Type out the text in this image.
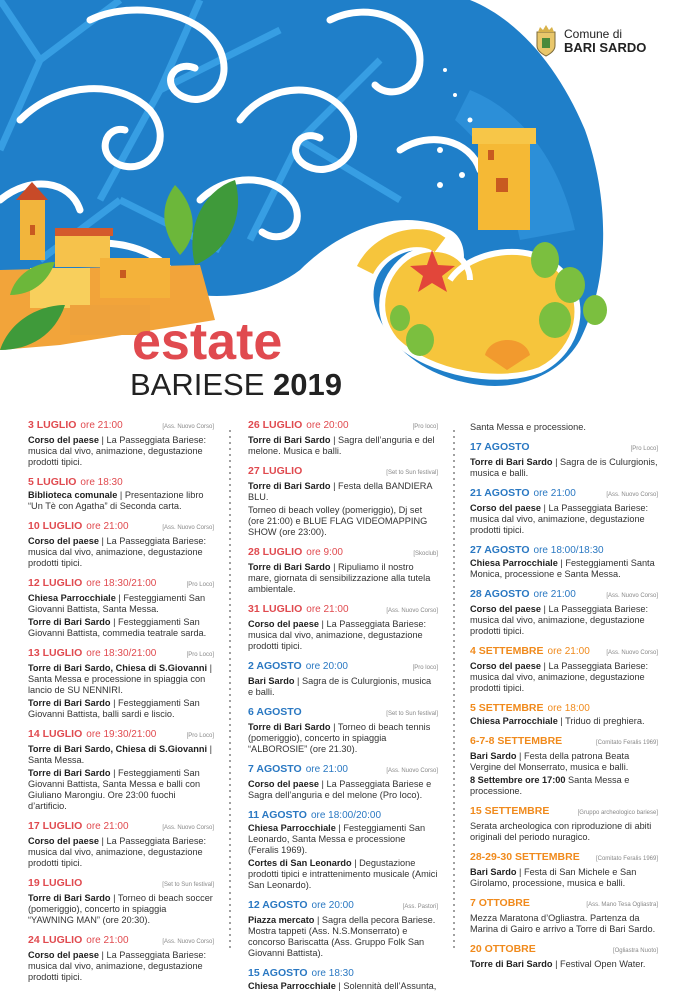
Comune di
BARI SARDO
estate
BARIESE 2019
3 LUGLIO ore 21:00	[Ass. Nuovo Corso]

Corso del paese | La Passeggiata Bariese: musica dal vivo, animazione, degustazione prodotti tipici.

5 LUGLIO ore 18:30

Biblioteca comunale | Presentazione libro “Un Tè con Agatha” di Seconda carta.

10 LUGLIO ore 21:00	[Ass. Nuovo Corso]

Corso del paese | La Passeggiata Bariese: musica dal vivo, animazione, degustazione prodotti tipici.

12 LUGLIO ore 18:30/21:00	[Pro Loco]

Chiesa Parrocchiale | Festeggiamenti San Giovanni Battista, Santa Messa.

Torre di Bari Sardo | Festeggiamenti San Giovanni Battista, commedia teatrale sarda.

13 LUGLIO ore 18:30/21:00	[Pro Loco]

Torre di Bari Sardo, Chiesa di S.Giovanni | Santa Messa e processione in spiaggia con lancio de SU NENNIRI.

Torre di Bari Sardo | Festeggiamenti San Giovanni Battista, balli sardi e liscio.

14 LUGLIO ore 19:30/21:00	[Pro Loco]

Torre di Bari Sardo, Chiesa di S.Giovanni | Santa Messa.

Torre di Bari Sardo | Festeggiamenti San Giovanni Battista, Santa Messa e balli con Giuliano Marongiu. Ore 23:00 fuochi d’artificio.

17 LUGLIO ore 21:00	[Ass. Nuovo Corso]

Corso del paese | La Passeggiata Bariese: musica dal vivo, animazione, degustazione prodotti tipici.

19 LUGLIO	[Set to Sun festival]

Torre di Bari Sardo | Torneo di beach soccer (pomeriggio), concerto in spiaggia “YAWNING MAN” (ore 20:30).

24 LUGLIO ore 21:00	[Ass. Nuovo Corso]

Corso del paese | La Passeggiata Bariese: musica dal vivo, animazione, degustazione prodotti tipici.

26 LUGLIO ore 20:00	[Pro loco]

Torre di Bari Sardo | Sagra dell’anguria e del melone. Musica e balli.

27 LUGLIO	[Set to Sun festival]

Torre di Bari Sardo | Festa della BANDIERA BLU.

Torneo di beach volley (pomeriggio), Dj set (ore 21:00) e BLUE FLAG VIDEOMAPPING SHOW (ore 23:00).

28 LUGLIO ore 9:00	[Skoclub]

Torre di Bari Sardo | Ripuliamo il nostro mare, giornata di sensibilizzazione alla tutela ambientale.

31 LUGLIO ore 21:00	[Ass. Nuovo Corso]

Corso del paese | La Passeggiata Bariese: musica dal vivo, animazione, degustazione prodotti tipici.

2 AGOSTO ore 20:00	[Pro loco]

Bari Sardo | Sagra de is Culurgionis, musica e balli.

6 AGOSTO	[Set to Sun festival]

Torre di Bari Sardo | Torneo di beach tennis (pomeriggio), concerto in spiaggia “ALBOROSIE” (ore 21.30).

7 AGOSTO ore 21:00	[Ass. Nuovo Corso]

Corso del paese | La Passeggiata Bariese e Sagra dell’anguria e del melone (Pro loco).

11 AGOSTO ore 18:00/20:00

Chiesa Parrocchiale | Festeggiamenti San Leonardo, Santa Messa e processione (Feralis 1969).

Cortes di San Leonardo | Degustazione prodotti tipici e intrattenimento musicale (Amici San Leonardo).

12 AGOSTO ore 20:00	[Ass. Pastori]

Piazza mercato | Sagra della pecora Bariese. Mostra tappeti (Ass. N.S.Monserrato) e concorso Bariscatta (Ass. Gruppo Folk San Giovanni Battista).

15 AGOSTO ore 18:30

Chiesa Parrocchiale | Solennità dell’Assunta,

Santa Messa e processione.

17 AGOSTO	[Pro Loco]

Torre di Bari Sardo | Sagra de is Culurgionis, musica e balli.

21 AGOSTO ore 21:00	[Ass. Nuovo Corso]

Corso del paese | La Passeggiata Bariese: musica dal vivo, animazione, degustazione prodotti tipici.

27 AGOSTO ore 18:00/18:30

Chiesa Parrocchiale | Festeggiamenti Santa Monica, processione e Santa Messa.

28 AGOSTO ore 21:00	[Ass. Nuovo Corso]

Corso del paese | La Passeggiata Bariese: musica dal vivo, animazione, degustazione prodotti tipici.

4 SETTEMBRE ore 21:00	[Ass. Nuovo Corso]

Corso del paese | La Passeggiata Bariese: musica dal vivo, animazione, degustazione prodotti tipici.

5 SETTEMBRE ore 18:00

Chiesa Parrocchiale | Triduo di preghiera.

6-7-8 SETTEMBRE	[Comitato Feralis 1969]

Bari Sardo | Festa della patrona Beata Vergine del Monserrato, musica e balli.

8 Settembre ore 17:00 Santa Messa e processione.

15 SETTEMBRE	[Gruppo archeologico bariese]

Serata archeologica con riproduzione di abiti originali del periodo nuragico.

28-29-30 SETTEMBRE	[Comitato Feralis 1969]

Bari Sardo | Festa di San Michele e San Girolamo, processione, musica e balli.

7 OTTOBRE	[Ass. Mano Tesa Ogliastra]

Mezza Maratona d’Ogliastra. Partenza da Marina di Gairo e arrivo a Torre di Bari Sardo.

20 OTTOBRE	[Ogliastra Nuoto]

Torre di Bari Sardo | Festival Open Water.
